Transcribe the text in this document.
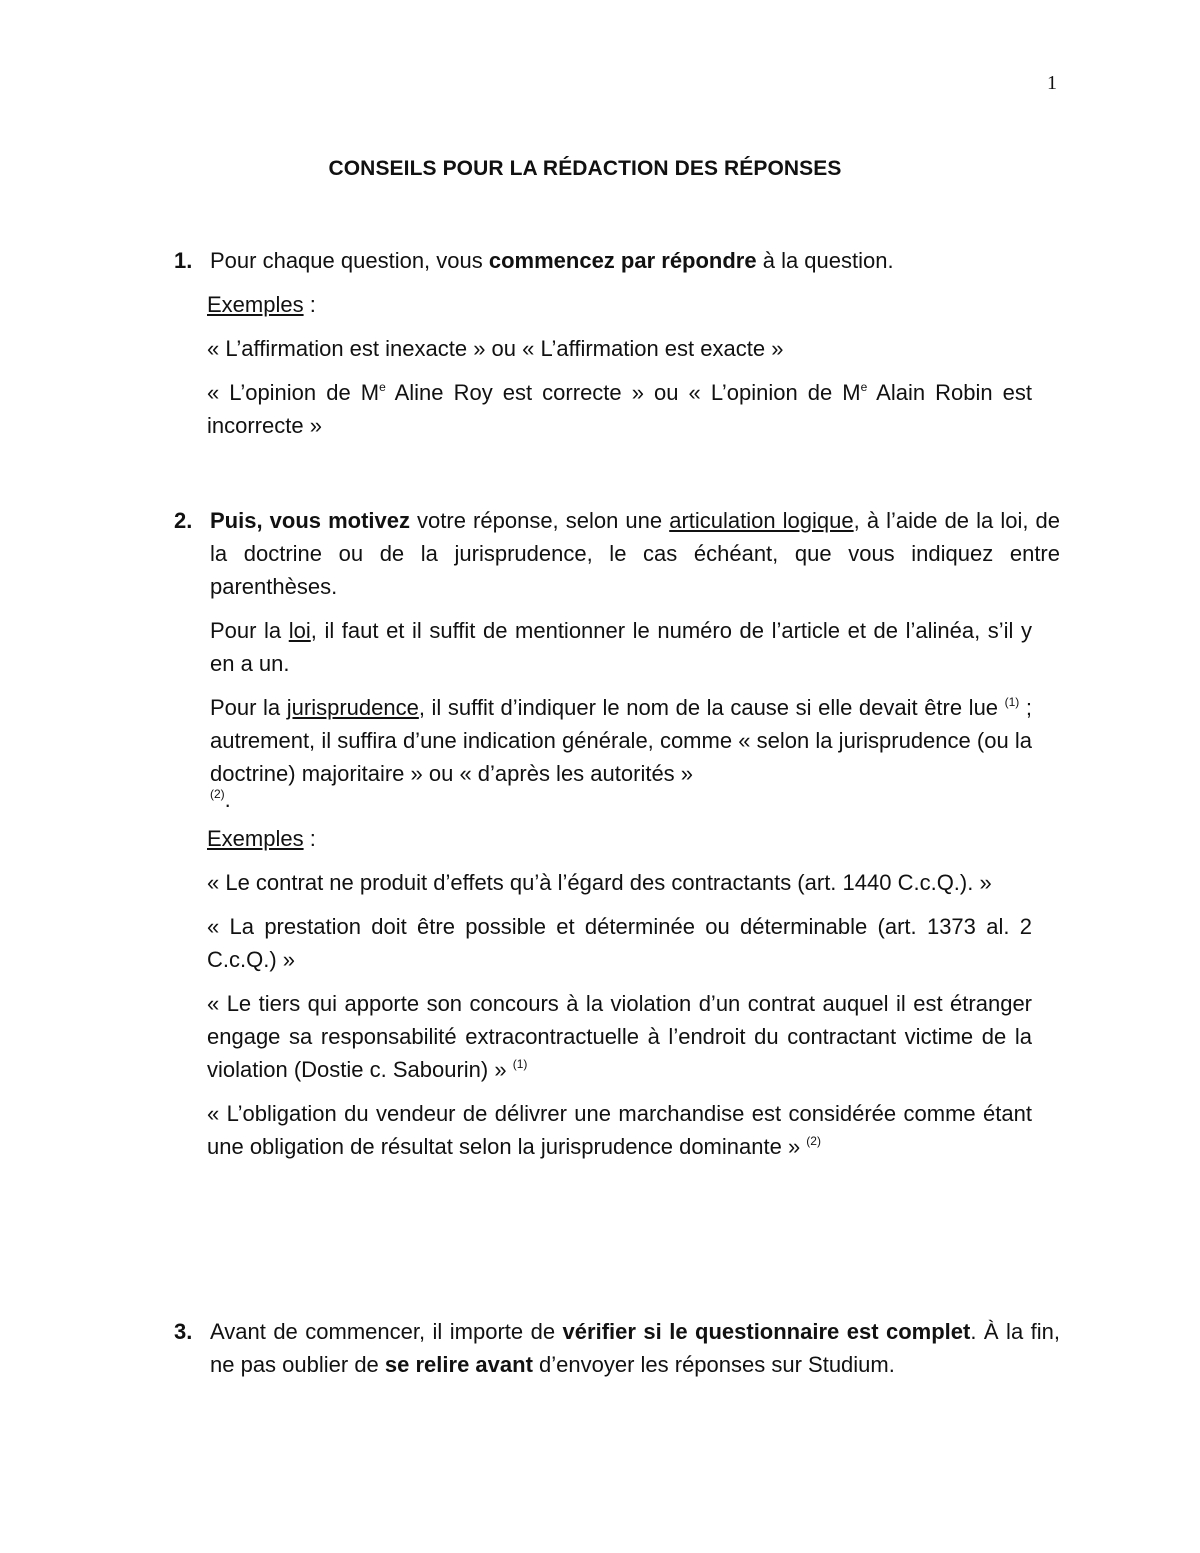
1
CONSEILS POUR LA RÉDACTION DES RÉPONSES
1. Pour chaque question, vous commencez par répondre à la question.

Exemples :

« L’affirmation est inexacte » ou « L’affirmation est exacte »

« L’opinion de Me Aline Roy est correcte » ou « L’opinion de Me Alain Robin est incorrecte »

2. Puis, vous motivez votre réponse, selon une articulation logique, à l’aide de la loi, de la doctrine ou de la jurisprudence, le cas échéant, que vous indiquez entre parenthèses.

Pour la loi, il faut et il suffit de mentionner le numéro de l’article et de l’alinéa, s’il y en a un.

Pour la jurisprudence, il suffit d’indiquer le nom de la cause si elle devait être lue $^{(1)}$ ; autrement, il suffira d’une indication générale, comme « selon la jurisprudence (ou la doctrine) majoritaire » ou « d’après les autorités »

$^{(2)}$.

Exemples :

« Le contrat ne produit d’effets qu’à l’égard des contractants (art. 1440 C.c.Q.). »

« La prestation doit être possible et déterminée ou déterminable (art. 1373 al. 2 C.c.Q.) »

« Le tiers qui apporte son concours à la violation d’un contrat auquel il est étranger engage sa responsabilité extracontractuelle à l’endroit du contractant victime de la violation (Dostie c. Sabourin) » $^{(1)}$

« L’obligation du vendeur de délivrer une marchandise est considérée comme étant une obligation de résultat selon la jurisprudence dominante » $^{(2)}$

3. Avant de commencer, il importe de vérifier si le questionnaire est complet. À la fin, ne pas oublier de se relire avant d’envoyer les réponses sur Studium.
